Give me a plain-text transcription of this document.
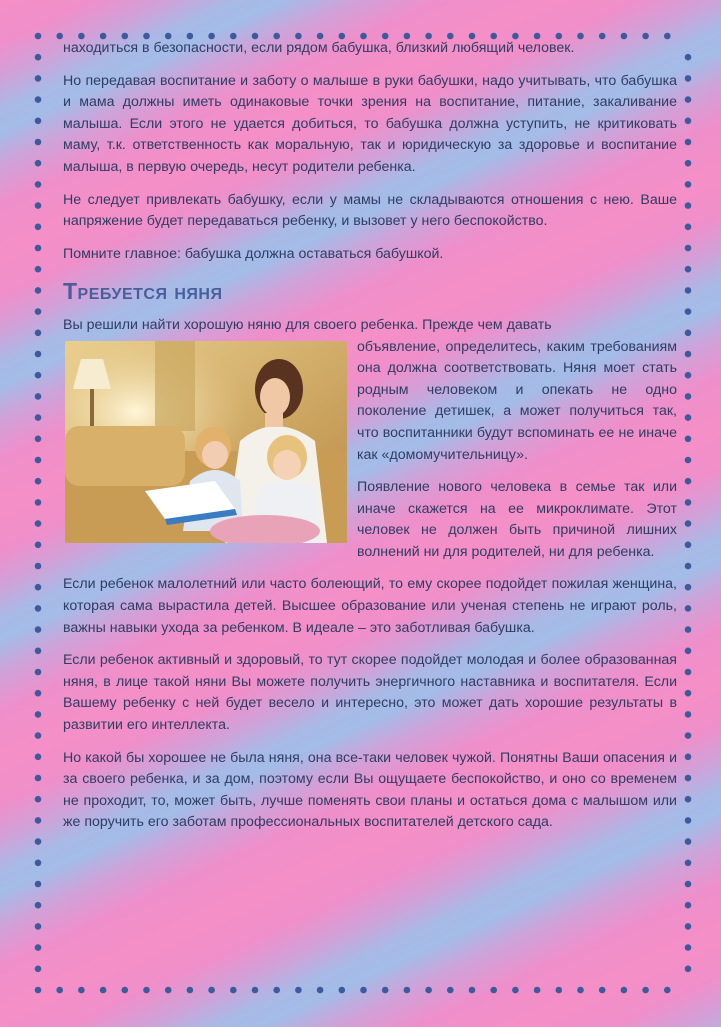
находиться в безопасности, если рядом бабушка, близкий любящий человек.

Но передавая воспитание и заботу о малыше в руки бабушки, надо учитывать, что бабушка и мама должны иметь одинаковые точки зрения на воспитание, питание, закаливание малыша. Если этого не удается добиться, то бабушка должна уступить, не критиковать маму, т.к. ответственность как моральную, так и юридическую за здоровье и воспитание малыша, в первую очередь, несут родители ребенка.

Не следует привлекать бабушку, если у мамы не складываются отношения с нею. Ваше напряжение будет передаваться ребенку, и вызовет у него беспокойство.

Помните главное: бабушка должна оставаться бабушкой.

Требуется няня

Вы решили найти хорошую няню для своего ребенка. Прежде чем давать

объявление, определитесь, каким требованиям она должна соответствовать. Няня моет стать родным человеком и опекать не одно поколение детишек, а может получиться так, что воспитанники будут вспоминать ее не иначе как «домомучительницу».

Появление нового человека в семье так или иначе скажется на ее микроклимате. Этот человек не должен быть причиной лишних волнений ни для родителей, ни для ребенка.

Если ребенок малолетний или часто болеющий, то ему скорее подойдет пожилая женщина, которая сама вырастила детей. Высшее образование или ученая степень не играют роль, важны навыки ухода за ребенком. В идеале – это заботливая бабушка.

Если ребенок активный и здоровый, то тут скорее подойдет молодая и более образованная няня, в лице такой няни Вы можете получить энергичного наставника и воспитателя. Если Вашему ребенку с ней будет весело и интересно, это может дать хорошие результаты в развитии его интеллекта.

Но какой бы хорошее не была няня, она все-таки человек чужой. Понятны Ваши опасения и за своего ребенка, и за дом, поэтому если Вы ощущаете беспокойство, и оно со временем не проходит, то, может быть, лучше поменять свои планы и остаться дома с малышом или же поручить его заботам профессиональных воспитателей детского сада.
